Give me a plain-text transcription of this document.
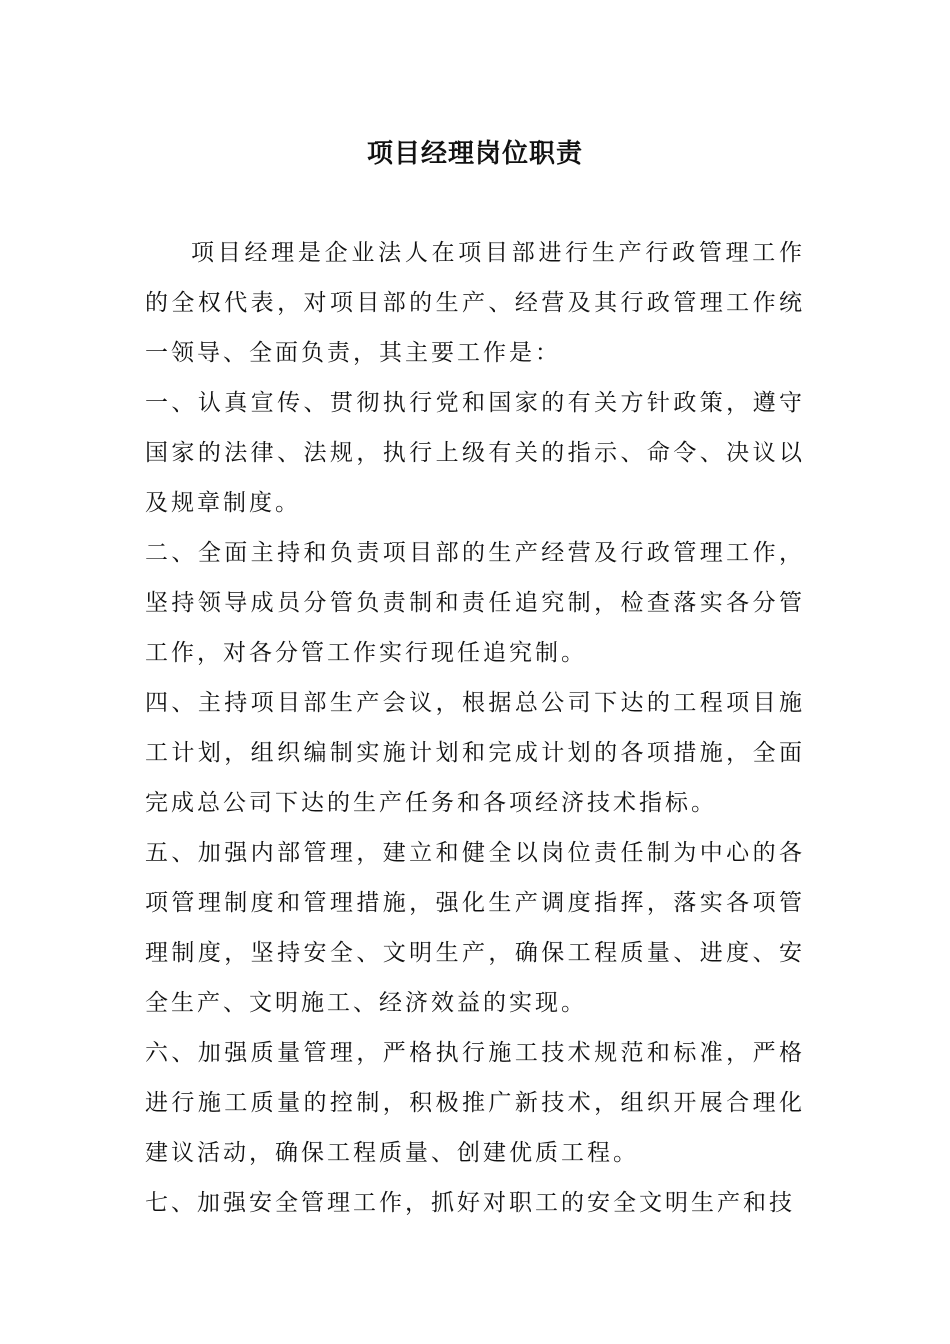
项目经理岗位职责

项目经理是企业法人在项目部进行生产行政管理工作的全权代表，对项目部的生产、经营及其行政管理工作统一领导、全面负责，其主要工作是：

一、认真宣传、贯彻执行党和国家的有关方针政策，遵守国家的法律、法规，执行上级有关的指示、命令、决议以及规章制度。

二、全面主持和负责项目部的生产经营及行政管理工作，坚持领导成员分管负责制和责任追究制，检查落实各分管工作，对各分管工作实行现任追究制。

四、主持项目部生产会议，根据总公司下达的工程项目施工计划，组织编制实施计划和完成计划的各项措施，全面完成总公司下达的生产任务和各项经济技术指标。

五、加强内部管理，建立和健全以岗位责任制为中心的各项管理制度和管理措施，强化生产调度指挥，落实各项管理制度，坚持安全、文明生产，确保工程质量、进度、安全生产、文明施工、经济效益的实现。

六、加强质量管理，严格执行施工技术规范和标准，严格进行施工质量的控制，积极推广新技术，组织开展合理化建议活动，确保工程质量、创建优质工程。

七、加强安全管理工作，抓好对职工的安全文明生产和技
